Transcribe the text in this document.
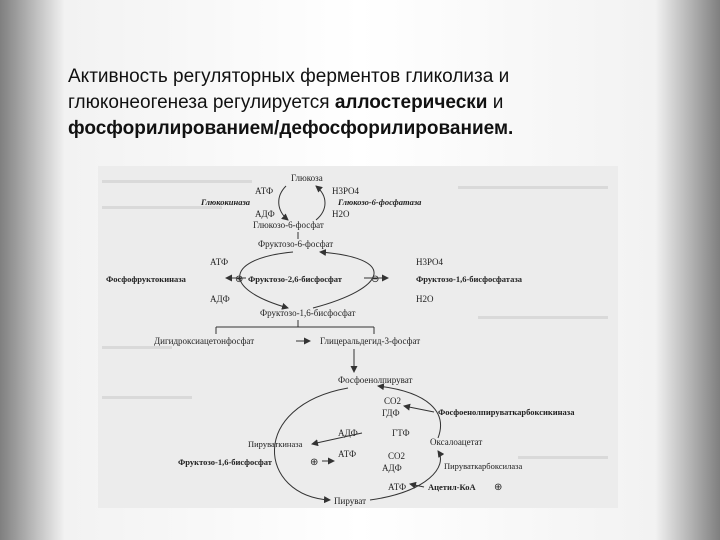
Активность регуляторных ферментов гликолиза и
глюконеогенеза регулируется аллостерически и
фосфорилированием/дефосфорилированием.
Глюкоза
АТФ	H3PO4
Глюкокиназа	Глюкозо-6-фосфатаза
АДФ	H2O
Глюкозо-6-фосфат
Фруктозо-6-фосфат
АТФ	H3PO4
Фосфофруктокиназа	⊕ Фруктозо-2,6-бисфосфат	⊖	Фруктозо-1,6-бисфосфатаза
АДФ	H2O
Фруктозо-1,6-бисфосфат
Дигидроксиацетонфосфат	Глицеральдегид-3-фосфат
Фосфоенолпируват
CO2
ГДФ	Фосфоенолпируваткарбоксикиназа
Пируваткиназа
АДФ	ГТФ
Оксалоацетат
Фруктозо-1,6-бисфосфат	⊕
АТФ	CO2
АДФ	Пируваткарбоксилаза
АТФ	Ацетил-КоА ⊕
Пируват
